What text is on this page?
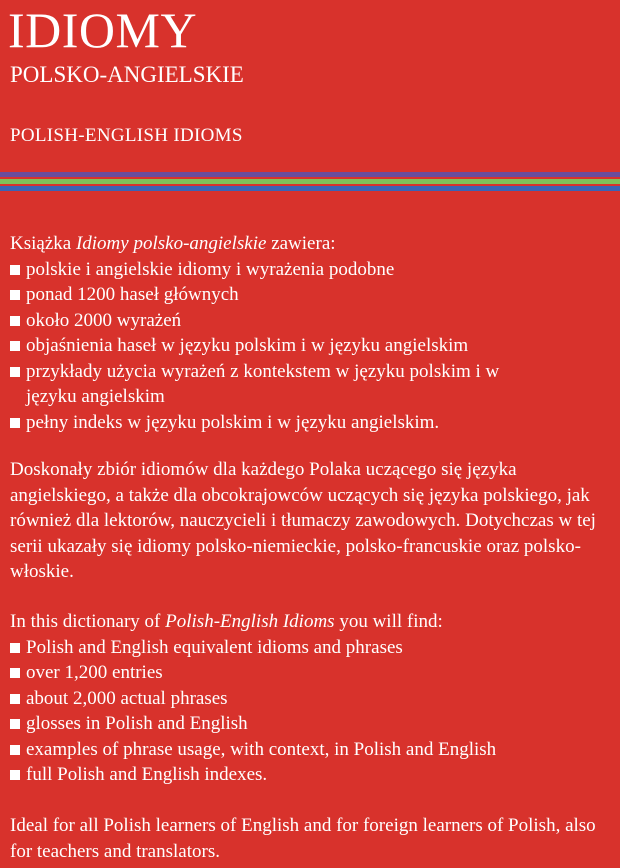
IDIOMY
POLSKO-ANGIELSKIE
POLISH-ENGLISH IDIOMS
Książka Idiomy polsko-angielskie zawiera:
polskie i angielskie idiomy i wyrażenia podobne
ponad 1200 haseł głównych
około 2000 wyrażeń
objaśnienia haseł w języku polskim i w języku angielskim
przykłady użycia wyrażeń z kontekstem w języku polskim i w języku angielskim
pełny indeks w języku polskim i w języku angielskim.

Doskonały zbiór idiomów dla każdego Polaka uczącego się języka angielskiego, a także dla obcokrajowców uczących się języka polskiego, jak również dla lektorów, nauczycieli i tłumaczy zawodowych. Dotychczas w tej serii ukazały się idiomy polsko-niemieckie, polsko-francuskie oraz polsko-włoskie.

In this dictionary of Polish-English Idioms you will find:
Polish and English equivalent idioms and phrases
over 1,200 entries
about 2,000 actual phrases
glosses in Polish and English
examples of phrase usage, with context, in Polish and English
full Polish and English indexes.

Ideal for all Polish learners of English and for foreign learners of Polish, also for teachers and translators.
